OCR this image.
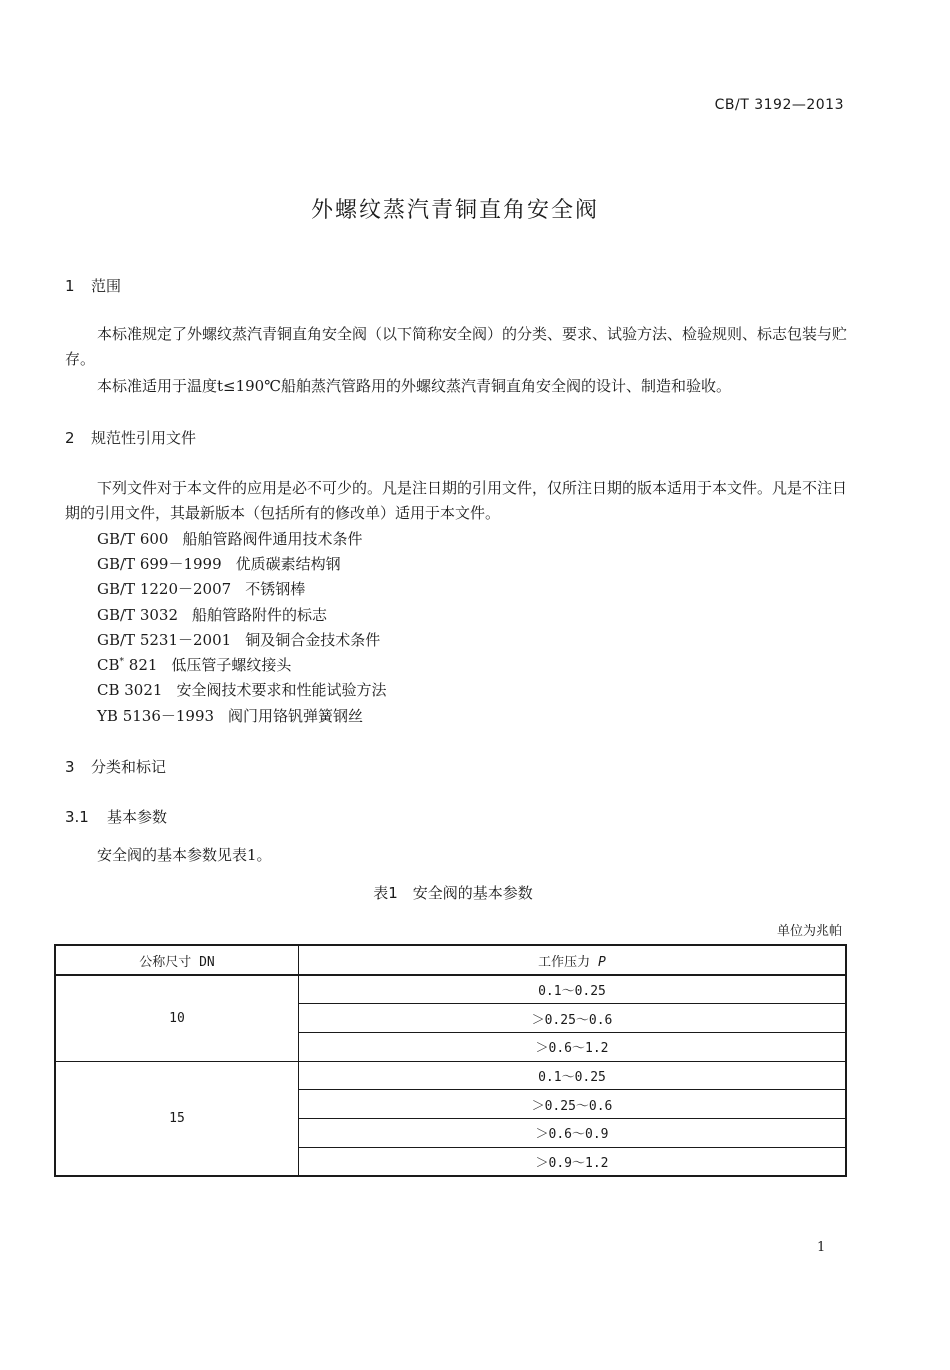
CB/T 3192—2013
外螺纹蒸汽青铜直角安全阀
1 范围
本标准规定了外螺纹蒸汽青铜直角安全阀（以下简称安全阀）的分类、要求、试验方法、检验规则、标志包装与贮存。
本标准适用于温度t≤190℃船舶蒸汽管路用的外螺纹蒸汽青铜直角安全阀的设计、制造和验收。
2 规范性引用文件
下列文件对于本文件的应用是必不可少的。凡是注日期的引用文件，仅所注日期的版本适用于本文件。凡是不注日期的引用文件，其最新版本（包括所有的修改单）适用于本文件。
GB/T 600 船舶管路阀件通用技术条件
GB/T 699－1999 优质碳素结构钢
GB/T 1220－2007 不锈钢棒
GB/T 3032 船舶管路附件的标志
GB/T 5231－2001 铜及铜合金技术条件
CB* 821 低压管子螺纹接头
CB 3021 安全阀技术要求和性能试验方法
YB 5136－1993 阀门用铬钒弹簧钢丝
3 分类和标记
3.1 基本参数
安全阀的基本参数见表1。
表1　安全阀的基本参数
单位为兆帕
公称尺寸 DN	工作压力 P
10	0.1～0.25
	＞0.25～0.6
	＞0.6～1.2
15	0.1～0.25
	＞0.25～0.6
	＞0.6～0.9
	＞0.9～1.2
1
